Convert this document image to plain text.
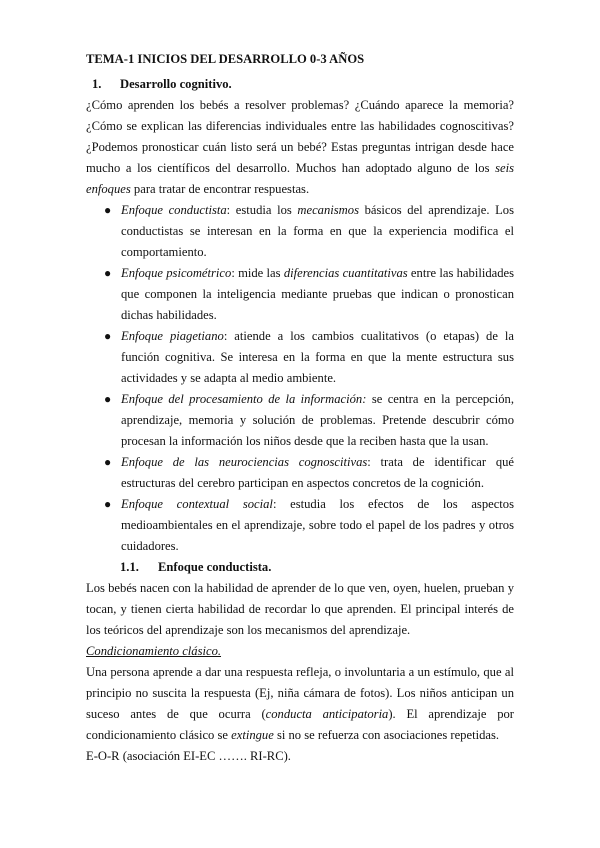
TEMA-1 INICIOS DEL DESARROLLO 0-3 AÑOS
1. Desarrollo cognitivo.

¿Cómo aprenden los bebés a resolver problemas? ¿Cuándo aparece la memoria? ¿Cómo se explican las diferencias individuales entre las habilidades cognoscitivas? ¿Podemos pronosticar cuán listo será un bebé? Estas preguntas intrigan desde hace mucho a los científicos del desarrollo. Muchos han adoptado alguno de los seis enfoques para tratar de encontrar respuestas.

● Enfoque conductista: estudia los mecanismos básicos del aprendizaje. Los conductistas se interesan en la forma en que la experiencia modifica el comportamiento.
● Enfoque psicométrico: mide las diferencias cuantitativas entre las habilidades que componen la inteligencia mediante pruebas que indican o pronostican dichas habilidades.
● Enfoque piagetiano: atiende a los cambios cualitativos (o etapas) de la función cognitiva. Se interesa en la forma en que la mente estructura sus actividades y se adapta al medio ambiente.
● Enfoque del procesamiento de la información: se centra en la percepción, aprendizaje, memoria y solución de problemas. Pretende descubrir cómo procesan la información los niños desde que la reciben hasta que la usan.
● Enfoque de las neurociencias cognoscitivas: trata de identificar qué estructuras del cerebro participan en aspectos concretos de la cognición.
● Enfoque contextual social: estudia los efectos de los aspectos medioambientales en el aprendizaje, sobre todo el papel de los padres y otros cuidadores.
1.1. Enfoque conductista.

Los bebés nacen con la habilidad de aprender de lo que ven, oyen, huelen, prueban y tocan, y tienen cierta habilidad de recordar lo que aprenden. El principal interés de los teóricos del aprendizaje son los mecanismos del aprendizaje.

Condicionamiento clásico.

Una persona aprende a dar una respuesta refleja, o involuntaria a un estímulo, que al principio no suscita la respuesta (Ej, niña cámara de fotos). Los niños anticipan un suceso antes de que ocurra (conducta anticipatoria). El aprendizaje por condicionamiento clásico se extingue si no se refuerza con asociaciones repetidas.

E-O-R (asociación EI-EC ……. RI-RC).
